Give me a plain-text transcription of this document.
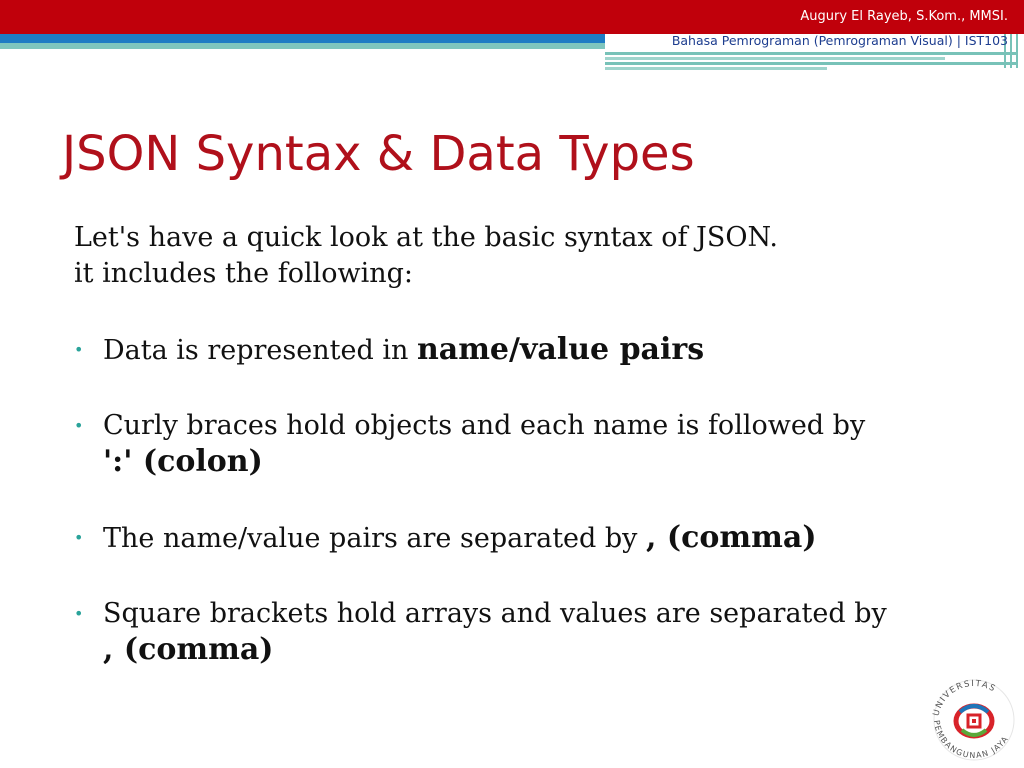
Augury El Rayeb, S.Kom., MMSI.
Bahasa Pemrograman (Pemrograman Visual) | IST103
JSON Syntax & Data Types
Let's have a quick look at the basic syntax of JSON.
it includes the following:
• Data is represented in name/value pairs
• Curly braces hold objects and each name is followed by
':' (colon)
• The name/value pairs are separated by , (comma)
• Square brackets hold arrays and values are separated by
, (comma)
UNIVERSITAS
PEMBANGUNAN JAYA
